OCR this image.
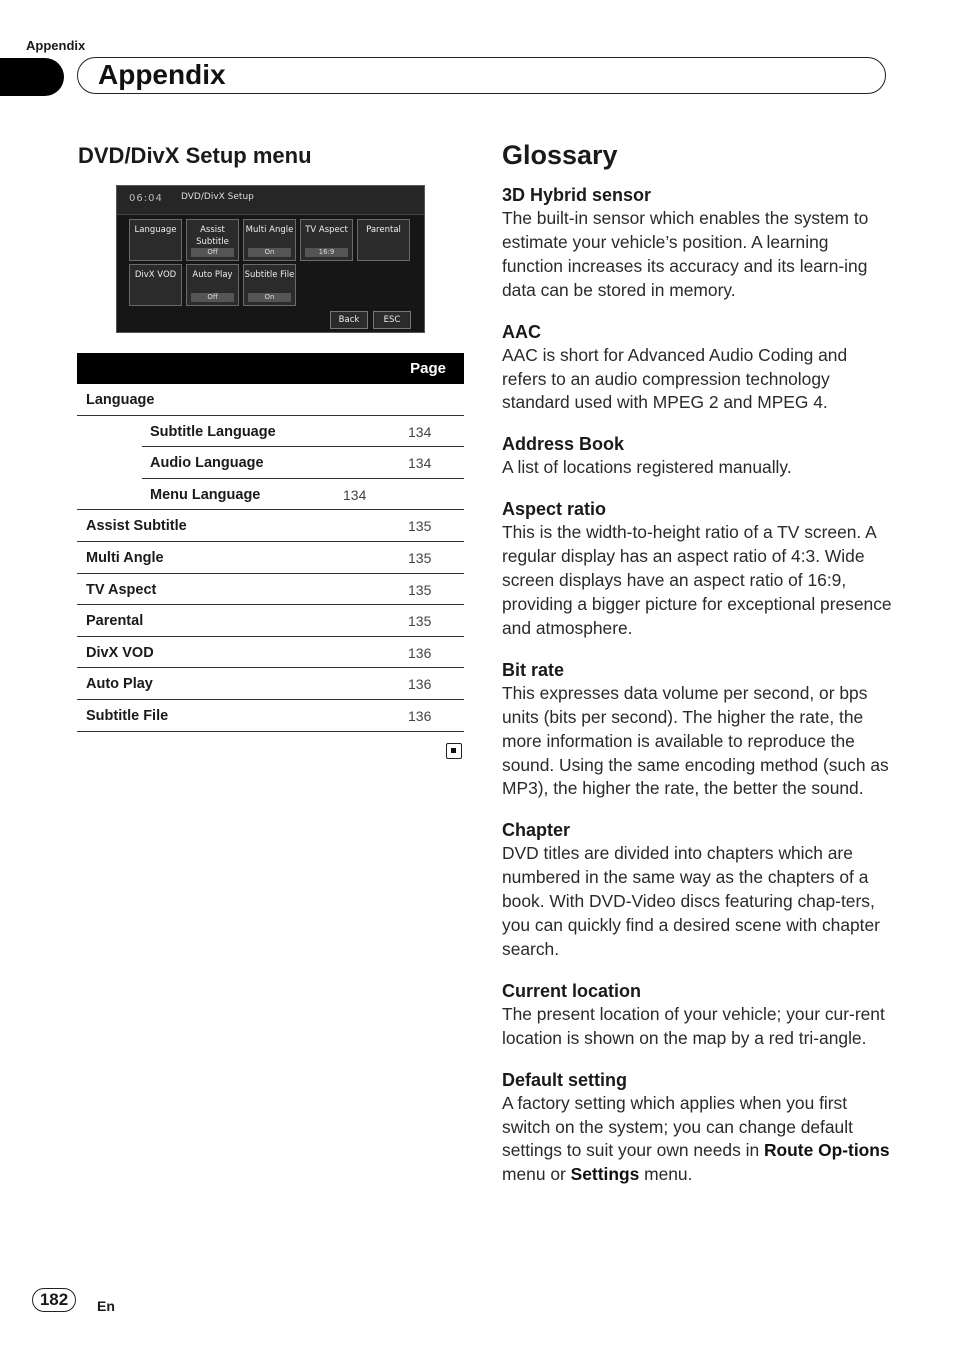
Appendix
Appendix
DVD/DivX Setup menu
06:04 DVD/DivX Setup
Language	Assist Subtitle
Off
Multi Angle
On
TV Aspect
16:9
Parental
DivX VOD	Auto Play
Off
Subtitle File
On
Back	ESC
Page
Language
Subtitle Language	134
Audio Language	134
Menu Language	134
Assist Subtitle	135
Multi Angle	135
TV Aspect	135
Parental	135
DivX VOD	136
Auto Play	136
Subtitle File	136
Glossary
3D Hybrid sensor
The built-in sensor which enables the system to estimate your vehicle’s position. A learning function increases its accuracy and its learn-ing data can be stored in memory.
AAC
AAC is short for Advanced Audio Coding and refers to an audio compression technology standard used with MPEG 2 and MPEG 4.
Address Book
A list of locations registered manually.
Aspect ratio
This is the width-to-height ratio of a TV screen. A regular display has an aspect ratio of 4:3. Wide screen displays have an aspect ratio of 16:9, providing a bigger picture for exceptional presence and atmosphere.
Bit rate
This expresses data volume per second, or bps units (bits per second). The higher the rate, the more information is available to reproduce the sound. Using the same encoding method (such as MP3), the higher the rate, the better the sound.
Chapter
DVD titles are divided into chapters which are numbered in the same way as the chapters of a book. With DVD-Video discs featuring chap-ters, you can quickly find a desired scene with chapter search.
Current location
The present location of your vehicle; your cur-rent location is shown on the map by a red tri-angle.
Default setting
A factory setting which applies when you first switch on the system; you can change default settings to suit your own needs in Route Op-tions menu or Settings menu.
182	En
